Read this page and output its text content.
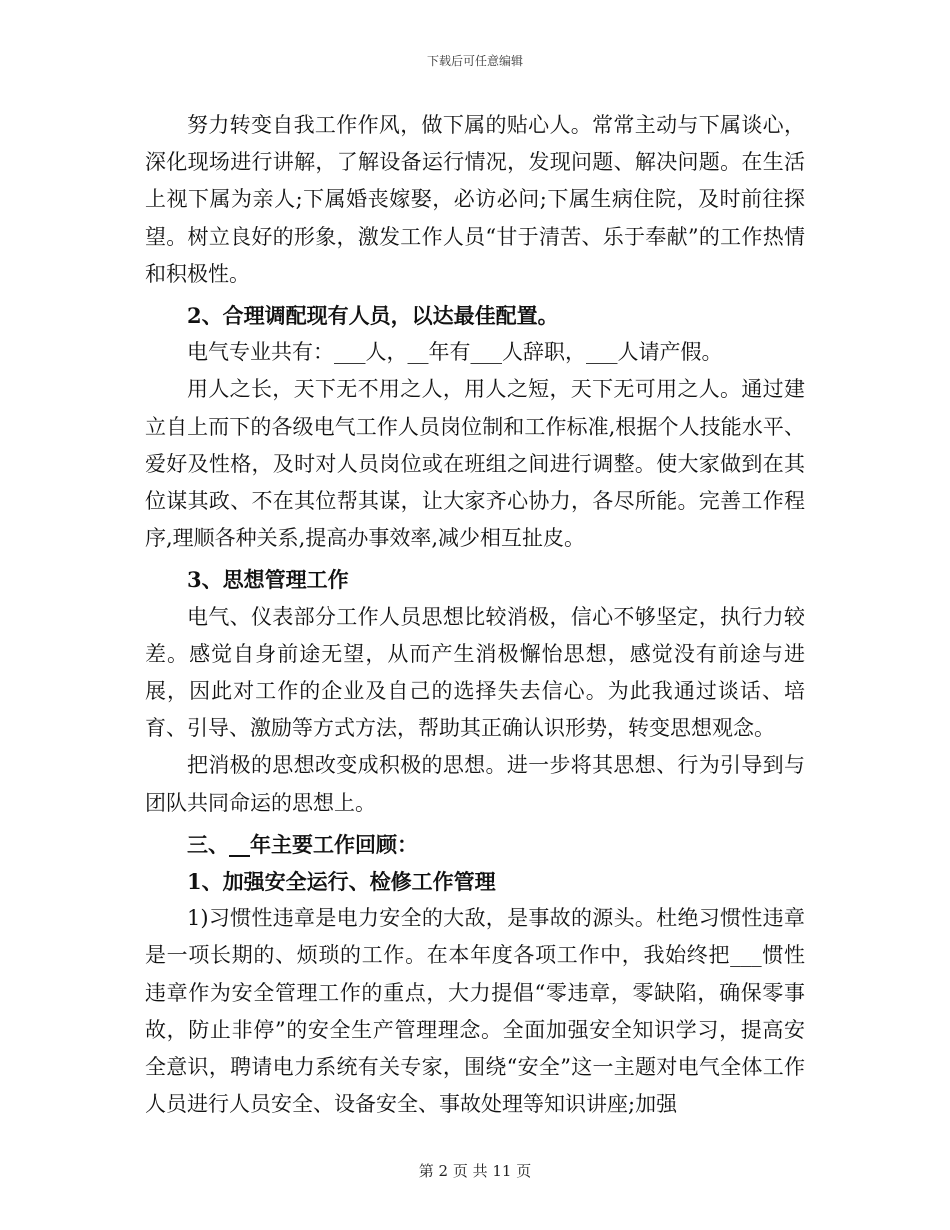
下载后可任意编辑

努力转变自我工作作风，做下属的贴心人。常常主动与下属谈心，深化现场进行讲解，了解设备运行情况，发现问题、解决问题。在生活上视下属为亲人;下属婚丧嫁娶，必访必问;下属生病住院，及时前往探望。树立良好的形象，激发工作人员“甘于清苦、乐于奉献”的工作热情和积极性。

2、合理调配现有人员，以达最佳配置。

电气专业共有：___人，__年有___人辞职，___人请产假。

用人之长，天下无不用之人，用人之短，天下无可用之人。通过建立自上而下的各级电气工作人员岗位制和工作标准,根据个人技能水平、爱好及性格，及时对人员岗位或在班组之间进行调整。使大家做到在其位谋其政、不在其位帮其谋，让大家齐心协力，各尽所能。完善工作程序,理顺各种关系,提高办事效率,减少相互扯皮。

3、思想管理工作

电气、仪表部分工作人员思想比较消极，信心不够坚定，执行力较差。感觉自身前途无望，从而产生消极懈怡思想，感觉没有前途与进展，因此对工作的企业及自己的选择失去信心。为此我通过谈话、培育、引导、激励等方式方法，帮助其正确认识形势，转变思想观念。

把消极的思想改变成积极的思想。进一步将其思想、行为引导到与团队共同命运的思想上。

三、__年主要工作回顾：

1、加强安全运行、检修工作管理

1)习惯性违章是电力安全的大敌，是事故的源头。杜绝习惯性违章是一项长期的、烦琐的工作。在本年度各项工作中，我始终把___惯性违章作为安全管理工作的重点，大力提倡“零违章，零缺陷，确保零事故，防止非停”的安全生产管理理念。全面加强安全知识学习，提高安全意识，聘请电力系统有关专家，围绕“安全”这一主题对电气全体工作人员进行人员安全、设备安全、事故处理等知识讲座;加强

第 2 页 共 11 页
